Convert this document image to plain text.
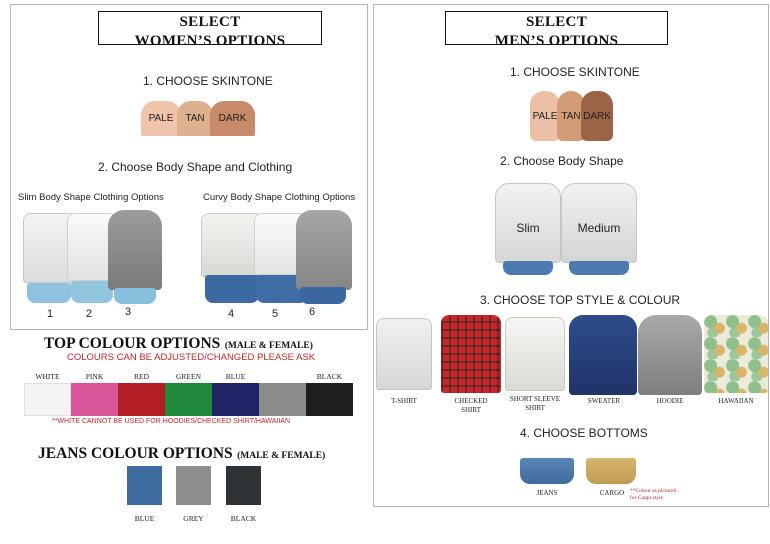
SELECT
WOMEN’S OPTIONS
1. CHOOSE SKINTONE
PALE TAN DARK
2. Choose Body Shape and Clothing
Slim Body Shape Clothing Options	Curvy Body Shape Clothing Options
1	2	3	4	5	6
TOP COLOUR OPTIONS (MALE & FEMALE)
COLOURS CAN BE ADJUSTED/CHANGED PLEASE ASK
WHITE	PINK	RED	GREEN	BLUE	BLACK
**WHITE CANNOT BE USED FOR HOODIES/CHECKED SHIRT/HAWAIIAN
JEANS COLOUR OPTIONS (MALE & FEMALE)
BLUE	GREY	BLACK
SELECT
MEN’S OPTIONS
1. CHOOSE SKINTONE
PALE TAN DARK
2. Choose Body Shape
Slim	Medium
3. CHOOSE TOP STYLE & COLOUR
T-SHIRT	CHECKED
SHIRT
SHORT SLEEVE
SHIRT
SWEATER	HOODIE	HAWAIIAN
4. CHOOSE BOTTOMS
JEANS	CARGO	**Colour as pictured
for Cargo style
